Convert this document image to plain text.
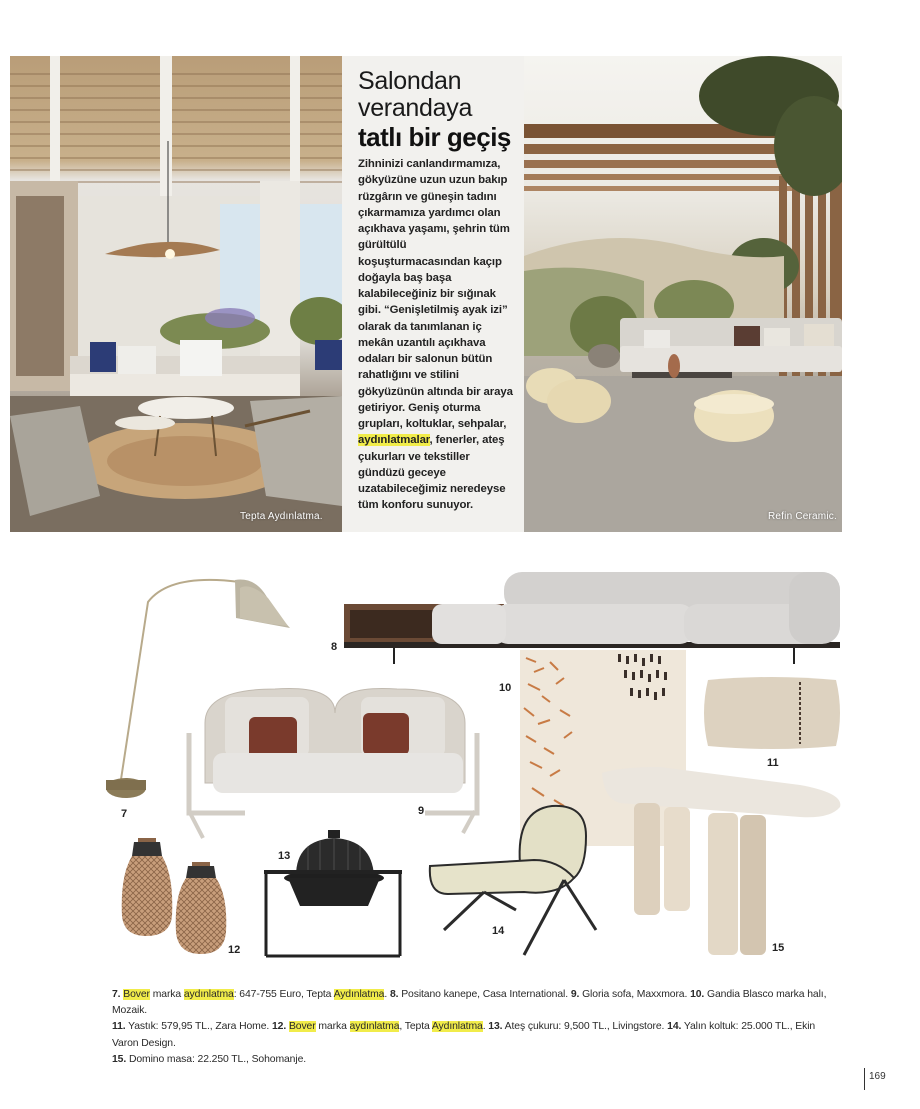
Tepta Aydınlatma.
Salondan
verandaya
tatlı bir geçiş
Zihninizi canlandırmamıza, gökyüzüne uzun uzun bakıp rüzgârın ve güneşin tadını çıkarmamıza yardımcı olan açıkhava yaşamı, şehrin tüm gürültülü koşuşturmacasından kaçıp doğayla baş başa kalabileceğiniz bir sığınak gibi. “Genişletilmiş ayak izi” olarak da tanımlanan iç mekân uzantılı açıkhava odaları bir salonun bütün rahatlığını ve stilini gökyüzünün altında bir araya getiriyor. Geniş oturma grupları, koltuklar, sehpalar, aydınlatmalar, fenerler, ateş çukurları ve tekstiller gündüzü geceye uzatabileceğimiz neredeyse tüm konforu sunuyor.
Refin Ceramic.
7
8
10
11
9
15
12
13
14
7. Bover marka aydınlatma: 647-755 Euro, Tepta Aydınlatma. 8. Positano kanepe, Casa International. 9. Gloria sofa, Maxxmora. 10. Gandia Blasco marka halı, Mozaik.
11. Yastık: 579,95 TL., Zara Home. 12. Bover marka aydınlatma, Tepta Aydınlatma. 13. Ateş çukuru: 9,500 TL., Livingstore. 14. Yalın koltuk: 25.000 TL., Ekin Varon Design.
15. Domino masa: 22.250 TL., Sohomanje.
169
